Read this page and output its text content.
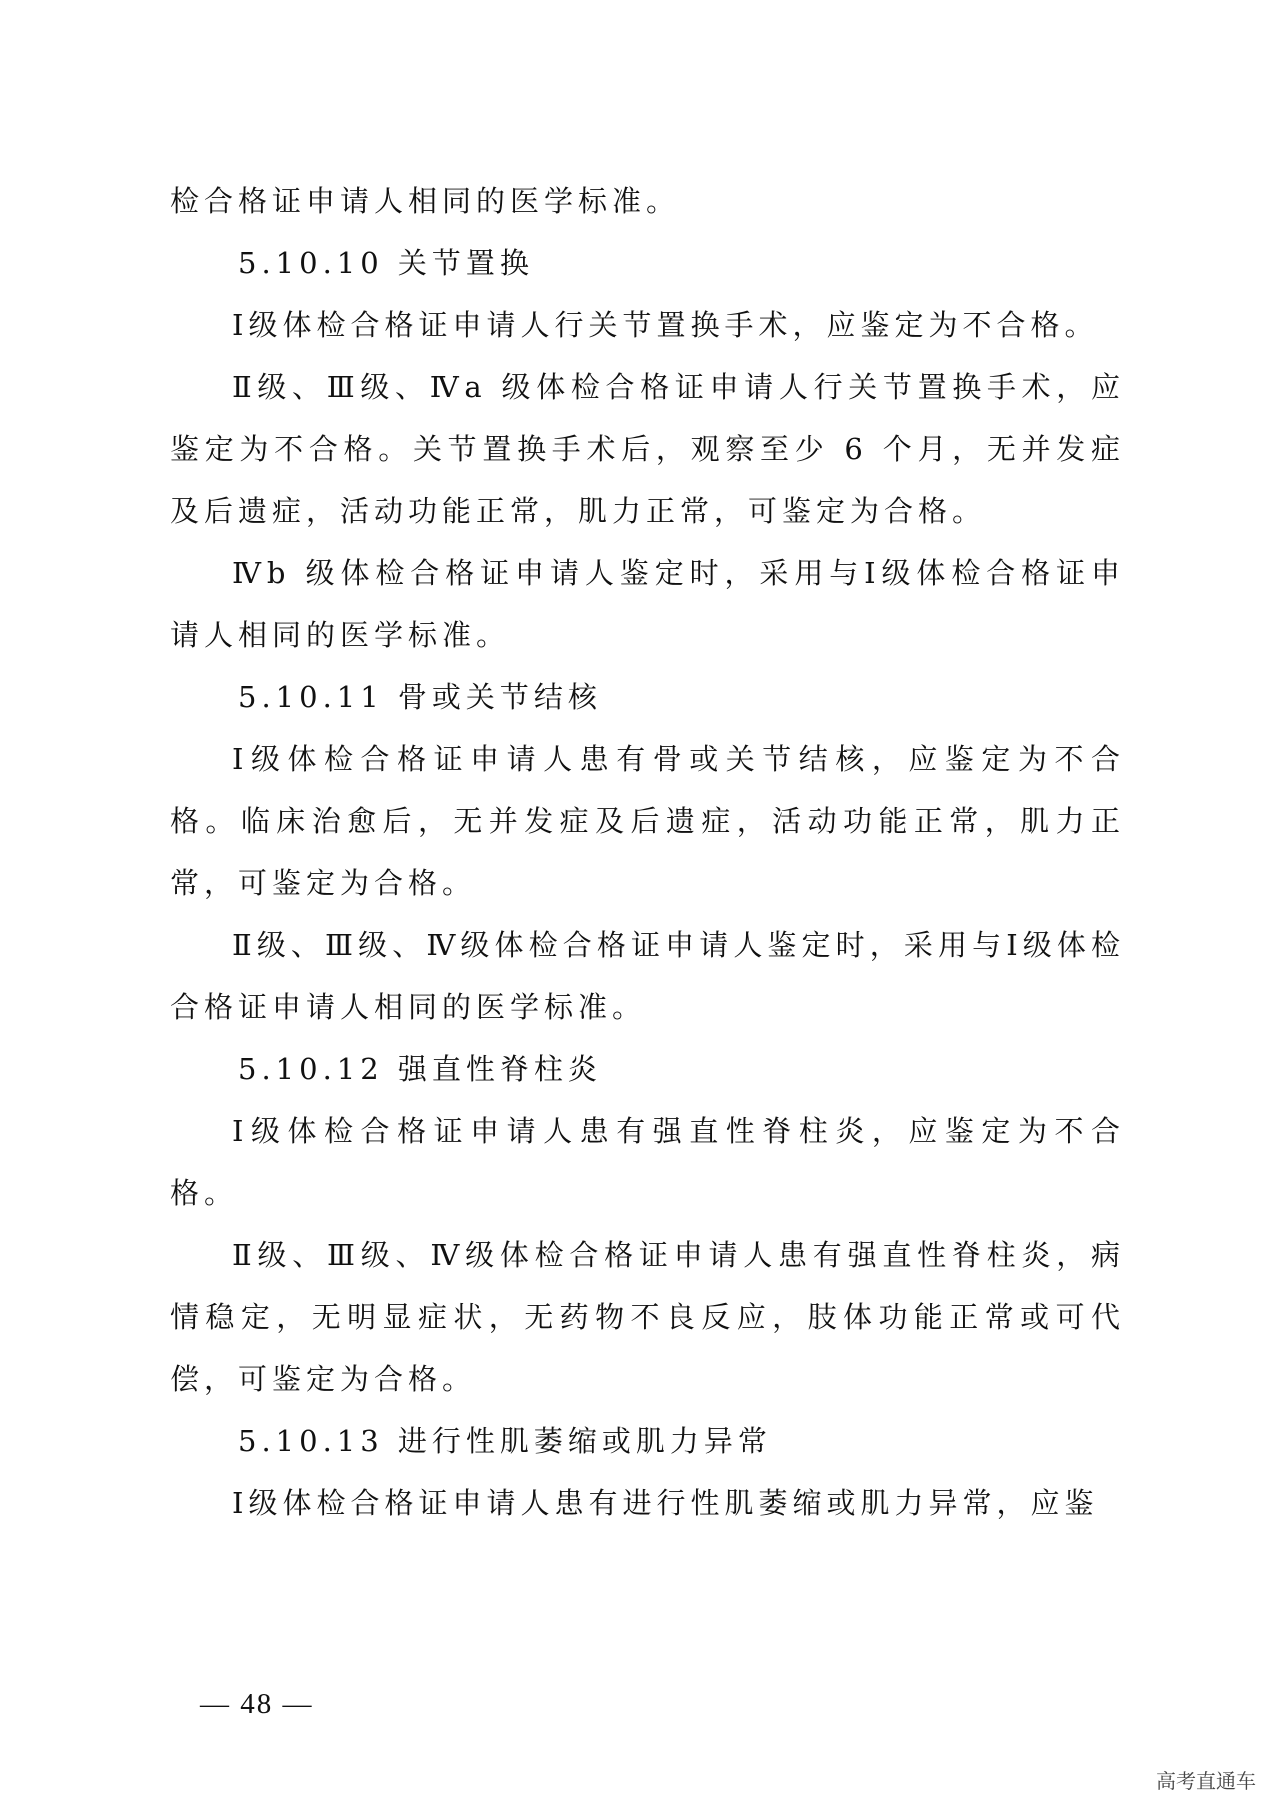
检合格证申请人相同的医学标准。

5.10.10 关节置换

Ⅰ级体检合格证申请人行关节置换手术，应鉴定为不合格。

Ⅱ级、Ⅲ级、Ⅳa 级体检合格证申请人行关节置换手术，应鉴定为不合格。关节置换手术后，观察至少 6 个月，无并发症及后遗症，活动功能正常，肌力正常，可鉴定为合格。

Ⅳb 级体检合格证申请人鉴定时，采用与Ⅰ级体检合格证申请人相同的医学标准。

5.10.11 骨或关节结核

Ⅰ级体检合格证申请人患有骨或关节结核，应鉴定为不合格。临床治愈后，无并发症及后遗症，活动功能正常，肌力正常，可鉴定为合格。

Ⅱ级、Ⅲ级、Ⅳ级体检合格证申请人鉴定时，采用与Ⅰ级体检合格证申请人相同的医学标准。

5.10.12 强直性脊柱炎

Ⅰ级体检合格证申请人患有强直性脊柱炎，应鉴定为不合格。

Ⅱ级、Ⅲ级、Ⅳ级体检合格证申请人患有强直性脊柱炎，病情稳定，无明显症状，无药物不良反应，肢体功能正常或可代偿，可鉴定为合格。

5.10.13 进行性肌萎缩或肌力异常

Ⅰ级体检合格证申请人患有进行性肌萎缩或肌力异常，应鉴

— 48 —
高考直通车
